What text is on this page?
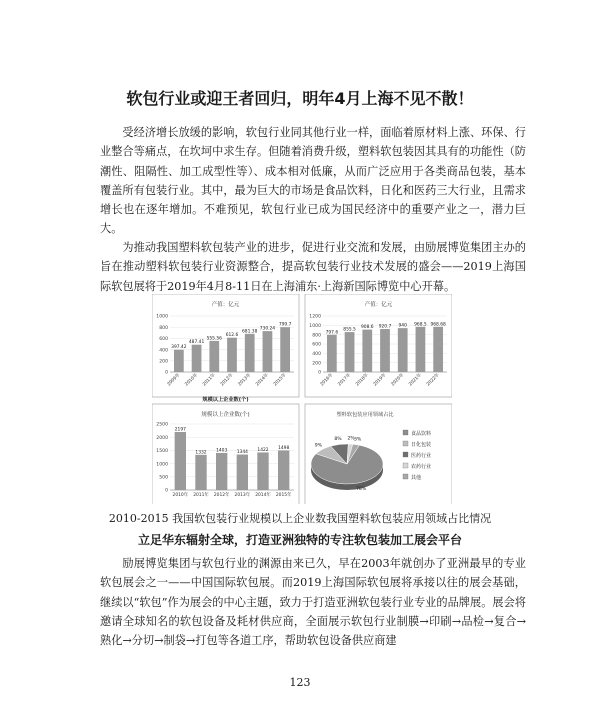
软包行业或迎王者回归，明年4月上海不见不散！

受经济增长放缓的影响，软包行业同其他行业一样，面临着原材料上涨、环保、行业整合等痛点，在坎坷中求生存。但随着消费升级，塑料软包装因其具有的功能性（防潮性、阻隔性、加工成型性等）、成本相对低廉，从而广泛应用于各类商品包装，基本覆盖所有包装行业。其中，最为巨大的市场是食品饮料，日化和医药三大行业，且需求增长也在逐年增加。不难预见，软包行业已成为国民经济中的重要产业之一，潜力巨大。

为推动我国塑料软包装产业的进步，促进行业交流和发展，由励展博览集团主办的旨在推动塑料软包装行业资源整合，提高软包装行业技术发展的盛会——2019上海国际软包展将于2019年4月8-11日在上海浦东·上海新国际博览中心开幕。

产值：亿元
0
200
400
600
800
1000
397.42
2009年
487.41
2010年
555.56
2011年
612.6
2012年
681.38
2013年
730.24
2014年
799.7
2015年
产值：亿元
0
200
400
600
800
1000
1200
797.6
2016年
855.5
2017年
908.6
2018年
920.7
2019年
940
2020年
968.5
2021年
968.68
2022年
规模以上企业数(个)
规模以上企业数(个)
0
500
1000
1500
2000
2500
2197
2010年
1332
2011年
1403
2012年
1344
2013年
1422
2014年
1498
2015年
塑料软包装应用领域占比
78%
9%
8% 2% 3%
食品饮料
日化包装
医药行业
农药行业
其他
2010-2015 我国软包装行业规模以上企业数我国塑料软包装应用领域占比情况
立足华东辐射全球，打造亚洲独特的专注软包装加工展会平台

励展博览集团与软包行业的渊源由来已久，早在2003年就创办了亚洲最早的专业软包展会之一——中国国际软包展。而2019上海国际软包展将承接以往的展会基础，继续以“软包”作为展会的中心主题，致力于打造亚洲软包装行业专业的品牌展。展会将邀请全球知名的软包设备及耗材供应商，全面展示软包行业制膜→印刷→品检→复合→熟化→分切→制袋→打包等各道工序，帮助软包设备供应商建

123
